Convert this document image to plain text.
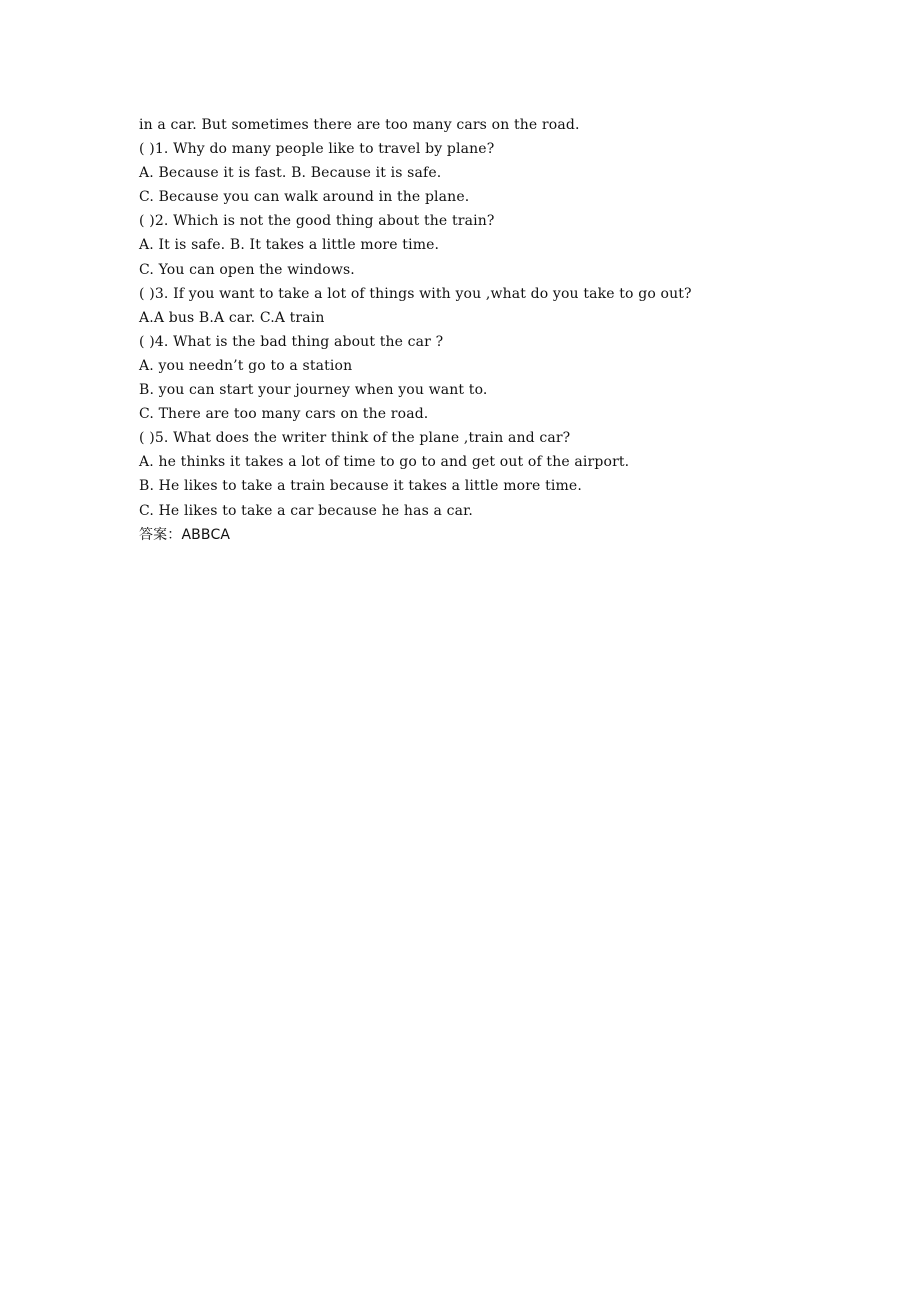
in a car. But sometimes there are too many cars on the road.
( )1. Why do many people like to travel by plane?
A. Because it is fast. B. Because it is safe.
C. Because you can walk around in the plane.
( )2. Which is not the good thing about the train?
A. It is safe. B. It takes a little more time.
C. You can open the windows.
( )3. If you want to take a lot of things with you ,what do you take to go out?
A.A bus B.A car. C.A train
( )4. What is the bad thing about the car ?
A. you needn’t go to a station
B. you can start your journey when you want to.
C. There are too many cars on the road.
( )5. What does the writer think of the plane ,train and car?
A. he thinks it takes a lot of time to go to and get out of the airport.
B. He likes to take a train because it takes a little more time.
C. He likes to take a car because he has a car.
答案：ABBCA
